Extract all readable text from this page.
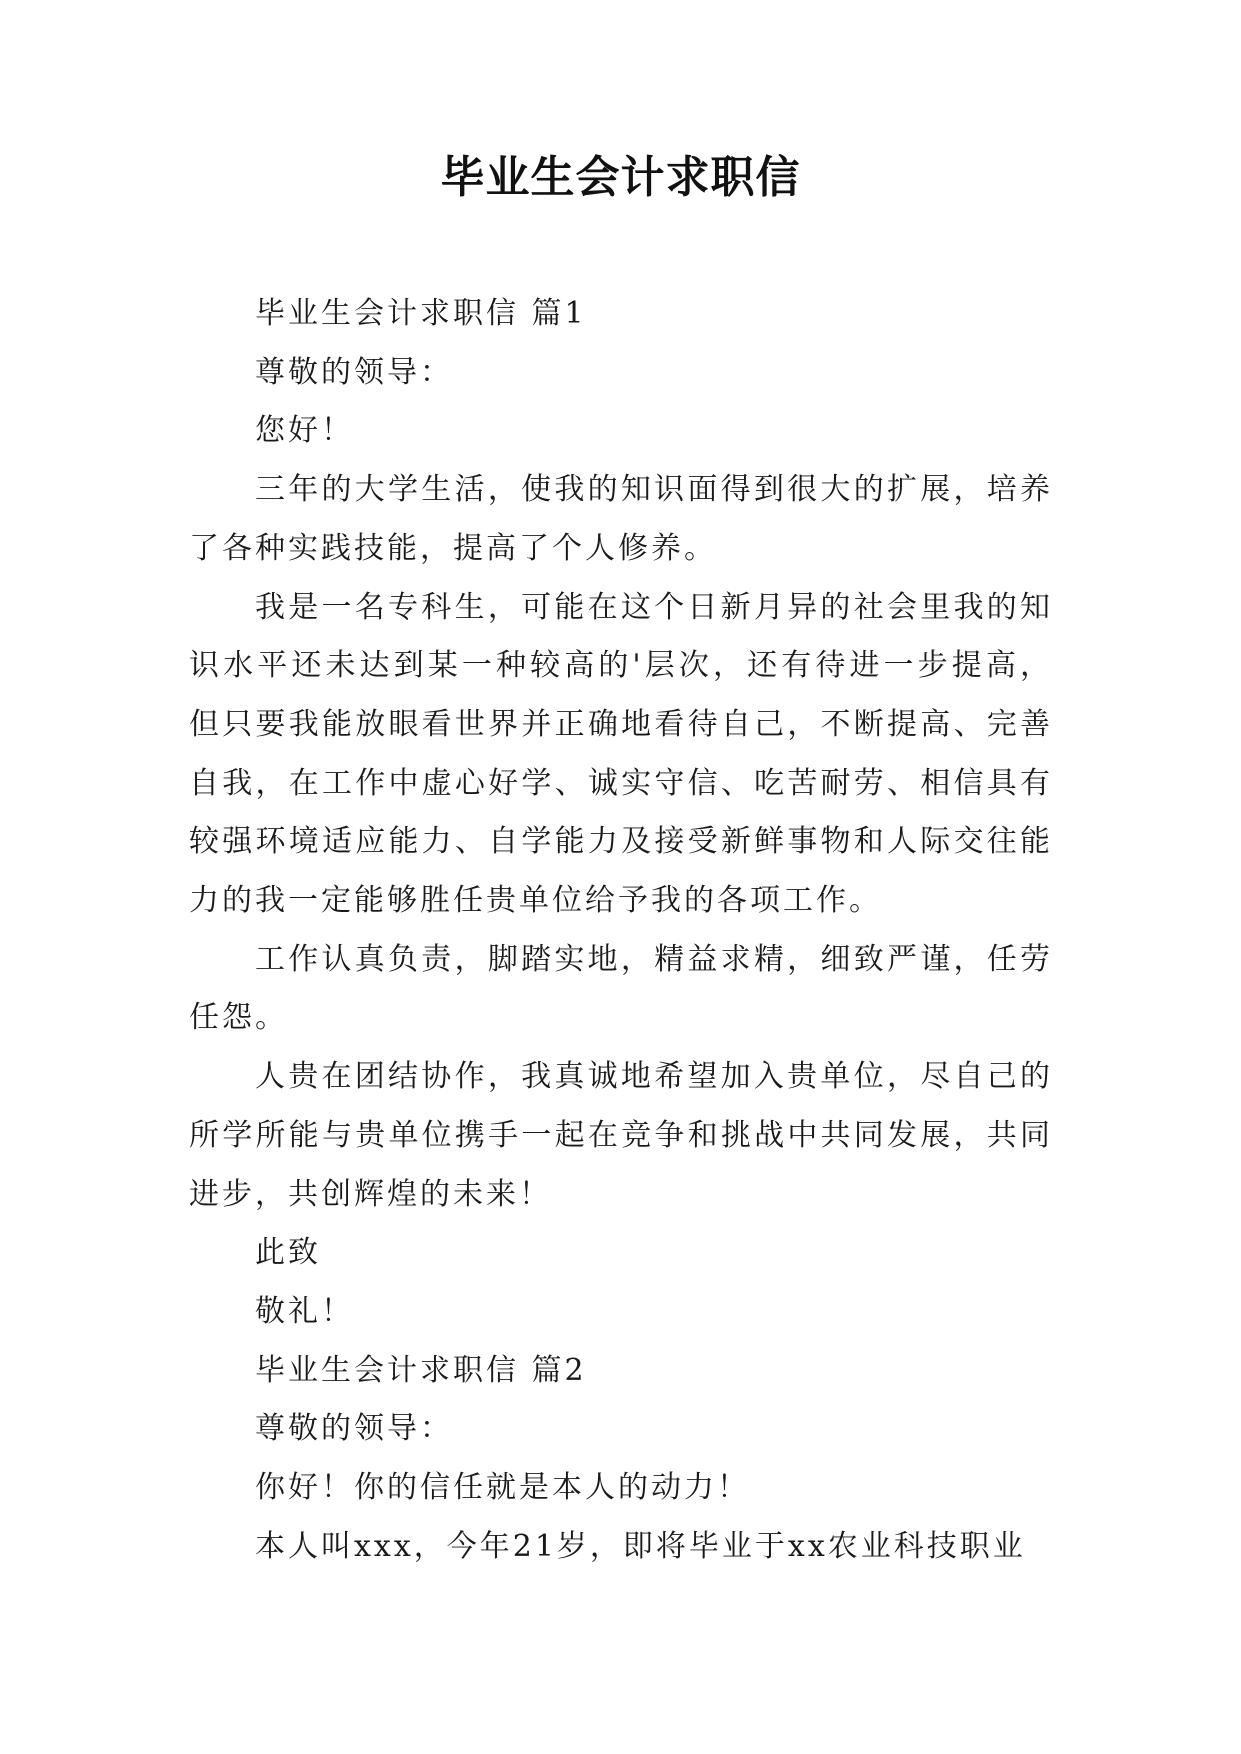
毕业生会计求职信

毕业生会计求职信 篇1

尊敬的领导：

您好！

三年的大学生活，使我的知识面得到很大的扩展，培养了各种实践技能，提高了个人修养。

我是一名专科生，可能在这个日新月异的社会里我的知识水平还未达到某一种较高的'层次，还有待进一步提高，但只要我能放眼看世界并正确地看待自己，不断提高、完善自我，在工作中虚心好学、诚实守信、吃苦耐劳、相信具有较强环境适应能力、自学能力及接受新鲜事物和人际交往能力的我一定能够胜任贵单位给予我的各项工作。

工作认真负责，脚踏实地，精益求精，细致严谨，任劳任怨。

人贵在团结协作，我真诚地希望加入贵单位，尽自己的所学所能与贵单位携手一起在竞争和挑战中共同发展，共同进步，共创辉煌的未来！

此致

敬礼！

毕业生会计求职信 篇2

尊敬的领导：

你好！你的信任就是本人的动力！

本人叫xxx，今年21岁，即将毕业于xx农业科技职业
